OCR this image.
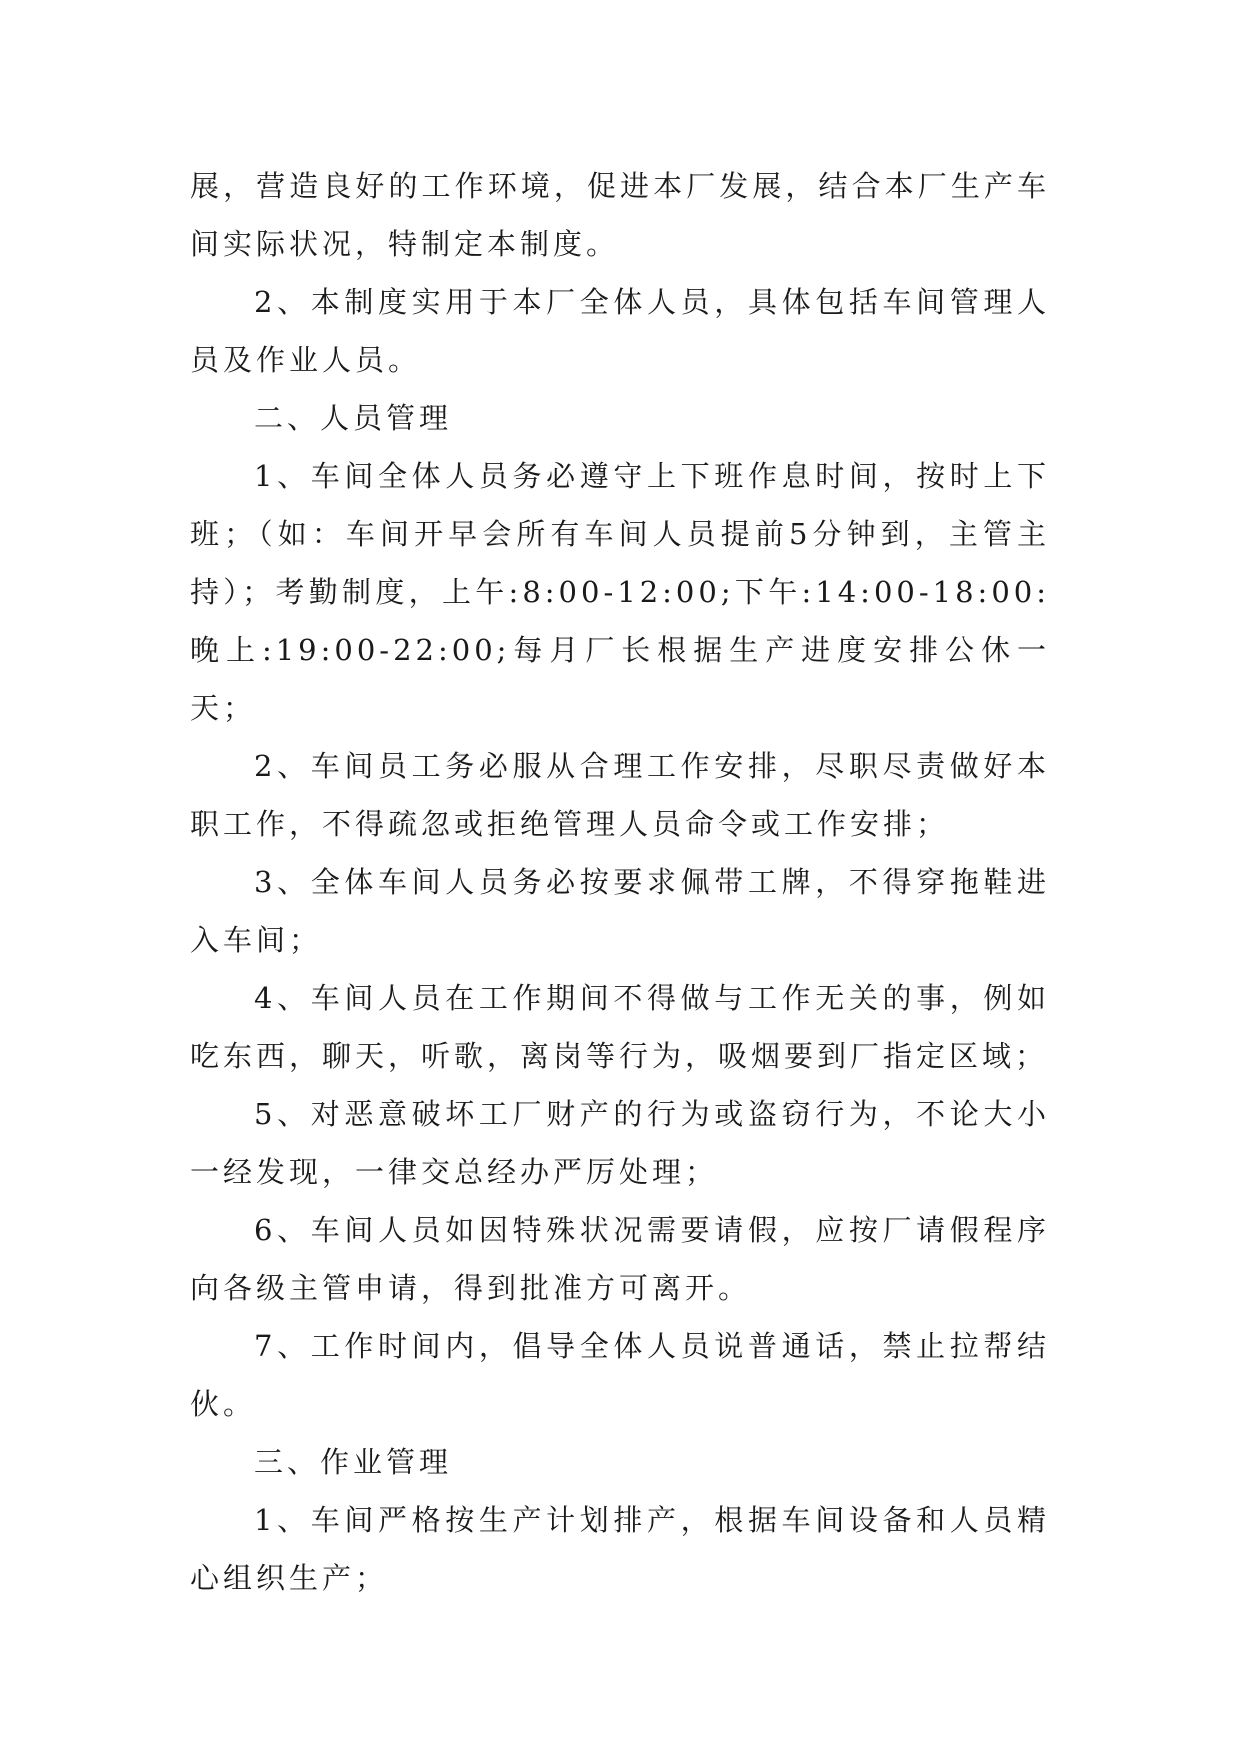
展，营造良好的工作环境，促进本厂发展，结合本厂生产车间实际状况，特制定本制度。

2、本制度实用于本厂全体人员，具体包括车间管理人员及作业人员。

二、人员管理

1、车间全体人员务必遵守上下班作息时间，按时上下班；（如：车间开早会所有车间人员提前5分钟到，主管主持）；考勤制度，上午:8:00-12:00;下午:14:00-18:00:晚上:19:00-22:00;每月厂长根据生产进度安排公休一天；

2、车间员工务必服从合理工作安排，尽职尽责做好本职工作，不得疏忽或拒绝管理人员命令或工作安排；

3、全体车间人员务必按要求佩带工牌，不得穿拖鞋进入车间；

4、车间人员在工作期间不得做与工作无关的事，例如吃东西，聊天，听歌，离岗等行为，吸烟要到厂指定区域；

5、对恶意破坏工厂财产的行为或盗窃行为，不论大小一经发现，一律交总经办严厉处理；

6、车间人员如因特殊状况需要请假，应按厂请假程序向各级主管申请，得到批准方可离开。

7、工作时间内，倡导全体人员说普通话，禁止拉帮结伙。

三、作业管理

1、车间严格按生产计划排产，根据车间设备和人员精心组织生产；
